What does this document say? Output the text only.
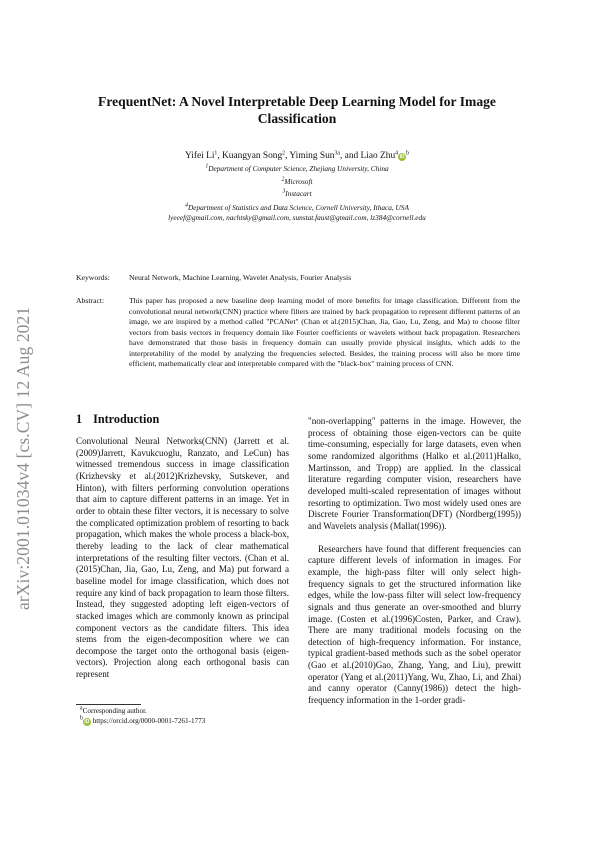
arXiv:2001.01034v4 [cs.CV] 12 Aug 2021
FrequentNet: A Novel Interpretable Deep Learning Model for Image
Classification
Yifei Li$^1$, Kuangyan Song$^2$, Yiming Sun$^{3a}$, and Liao $Zhu^4iD^b$
$^1$Department of Computer Science, Zhejiang University, China
$^2$Microsoft
$^3$Instacart
$^4$Department of Statistics and Data Science, Cornell University, Ithaca, USA
lyeeef@gmail.com, nachtsky@gmail.com, sunstat.faust@gmail.com, lz384@cornell.edu
Keywords:	Neural Network, Machine Learning, Wavelet Analysis, Fourier Analysis
Abstract:	This paper has proposed a new baseline deep learning model of more benefits for image classification. Different from the convolutional neural network(CNN) practice where filters are trained by back propagation to represent different patterns of an image, we are inspired by a method called "PCANet" (Chan et al.(2015)Chan, Jia, Gao, Lu, Zeng, and Ma) to choose filter vectors from basis vectors in frequency domain like Fourier coefficients or wavelets without back propagation. Researchers have demonstrated that those basis in frequency domain can usually provide physical insights, which adds to the interpretability of the model by analyzing the frequencies selected. Besides, the training process will also be more time efficient, mathematically clear and interpretable compared with the "black-box" training process of CNN.
1 Introduction

Convolutional Neural Networks(CNN) (Jarrett et al.(2009)Jarrett, Kavukcuoglu, Ranzato, and LeCun) has witnessed tremendous success in image classification (Krizhevsky et al.(2012)Krizhevsky, Sutskever, and Hinton), with filters performing convolution operations that aim to capture different patterns in an image. Yet in order to obtain these filter vectors, it is necessary to solve the complicated optimization problem of resorting to back propagation, which makes the whole process a black-box, thereby leading to the lack of clear mathematical interpretations of the resulting filter vectors. (Chan et al.(2015)Chan, Jia, Gao, Lu, Zeng, and Ma) put forward a baseline model for image classification, which does not require any kind of back propagation to learn those filters. Instead, they suggested adopting left eigen-vectors of stacked images which are commonly known as principal component vectors as the candidate filters. This idea stems from the eigen-decomposition where we can decompose the target onto the orthogonal basis (eigen-vectors). Projection along each orthogonal basis can represent

"non-overlapping" patterns in the image. However, the process of obtaining those eigen-vectors can be quite time-consuming, especially for large datasets, even when some randomized algorithms (Halko et al.(2011)Halko, Martinsson, and Tropp) are applied. In the classical literature regarding computer vision, researchers have developed multi-scaled representation of images without resorting to optimization. Two most widely used ones are Discrete Fourier Transformation(DFT) (Nordberg(1995)) and Wavelets analysis (Mallat(1996)).

Researchers have found that different frequencies can capture different levels of information in images. For example, the high-pass filter will only select high-frequency signals to get the structured information like edges, while the low-pass filter will select low-frequency signals and thus generate an over-smoothed and blurry image. (Costen et al.(1996)Costen, Parker, and Craw). There are many traditional models focusing on the detection of high-frequency information. For instance, typical gradient-based methods such as the sobel operator (Gao et al.(2010)Gao, Zhang, Yang, and Liu), prewitt operator (Yang et al.(2011)Yang, Wu, Zhao, Li, and Zhai) and canny operator (Canny(1986)) detect the high-frequency information in the 1-order gradi-

$^a$Corresponding author.
$^b$iD https://orcid.org/0000-0001-7261-1773
